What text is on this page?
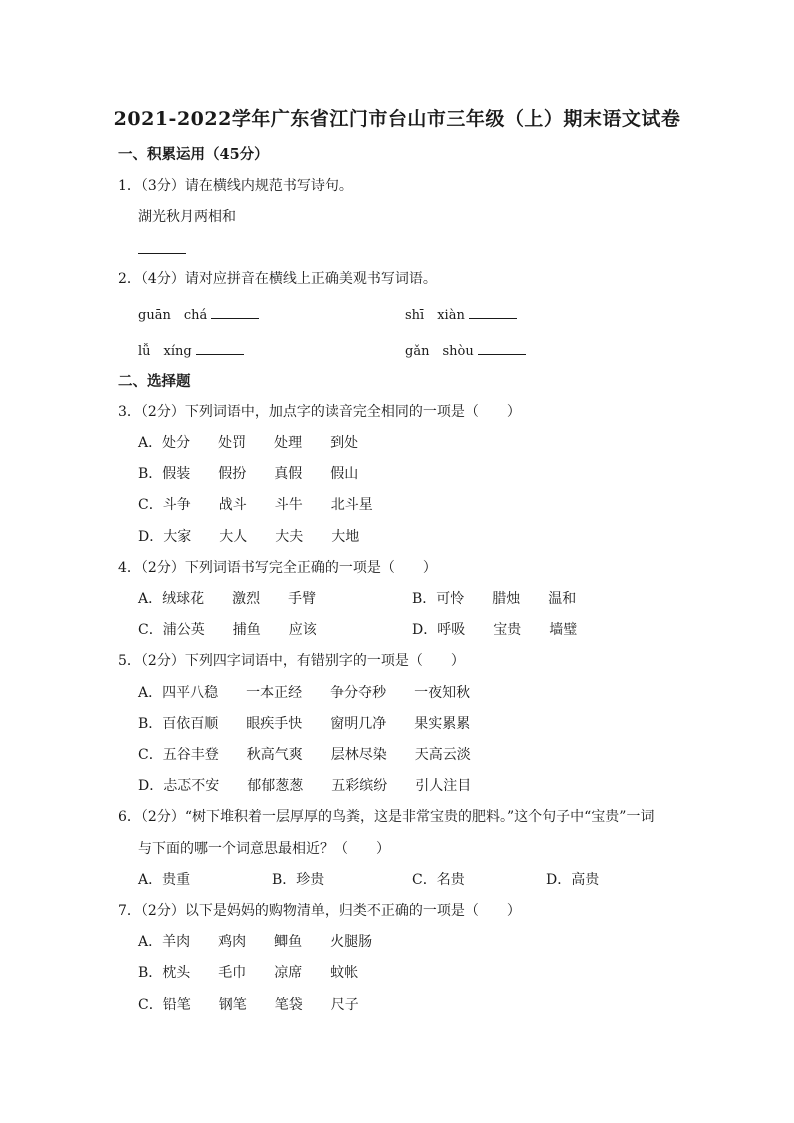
2021-2022学年广东省江门市台山市三年级（上）期末语文试卷
一、积累运用（45分）
1．（3分）请在横线内规范书写诗句。
湖光秋月两相和
2．（4分）请对应拼音在横线上正确美观书写词语。
guān　chá	shī　xiàn
lǚ　xíng	gǎn　shòu
二、选择题
3．（2分）下列词语中，加点字的读音完全相同的一项是（　　）
A．处分　　处罚　　处理　　到处
B．假装　　假扮　　真假　　假山
C．斗争　　战斗　　斗牛　　北斗星
D．大家　　大人　　大夫　　大地
4．（2分）下列词语书写完全正确的一项是（　　）
A．绒球花　　激烈　　手臂	B．可怜　　腊烛　　温和
C．浦公英　　捕鱼　　应该	D．呼吸　　宝贵　　墙璧
5．（2分）下列四字词语中，有错别字的一项是（　　）
A．四平八稳　　一本正经　　争分夺秒　　一夜知秋
B．百依百顺　　眼疾手快　　窗明几净　　果实累累
C．五谷丰登　　秋高气爽　　层林尽染　　天高云淡
D．忐忑不安　　郁郁葱葱　　五彩缤纷　　引人注目
6．（2分）“树下堆积着一层厚厚的鸟粪，这是非常宝贵的肥料。”这个句子中“宝贵”一词
与下面的哪一个词意思最相近？（　　）
A．贵重	B．珍贵	C．名贵	D．高贵
7．（2分）以下是妈妈的购物清单，归类不正确的一项是（　　）
A．羊肉　　鸡肉　　鲫鱼　　火腿肠
B．枕头　　毛巾　　凉席　　蚊帐
C．铅笔　　钢笔　　笔袋　　尺子
